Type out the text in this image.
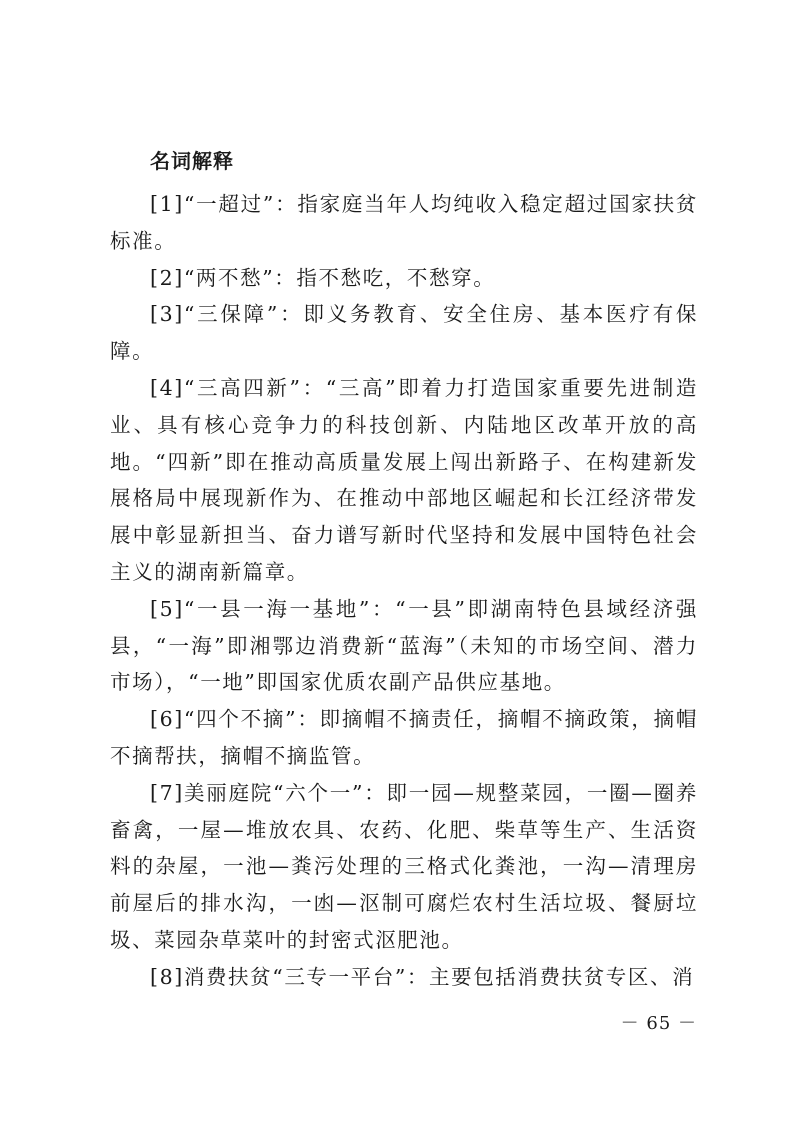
名词解释

[1]“一超过”：指家庭当年人均纯收入稳定超过国家扶贫标准。

[2]“两不愁”：指不愁吃，不愁穿。

[3]“三保障”：即义务教育、安全住房、基本医疗有保障。

[4]“三高四新”：“三高”即着力打造国家重要先进制造业、具有核心竞争力的科技创新、内陆地区改革开放的高地。“四新”即在推动高质量发展上闯出新路子、在构建新发展格局中展现新作为、在推动中部地区崛起和长江经济带发展中彰显新担当、奋力谱写新时代坚持和发展中国特色社会主义的湖南新篇章。

[5]“一县一海一基地”：“一县”即湖南特色县域经济强县，“一海”即湘鄂边消费新“蓝海”（未知的市场空间、潜力市场），“一地”即国家优质农副产品供应基地。

[6]“四个不摘”：即摘帽不摘责任，摘帽不摘政策，摘帽不摘帮扶，摘帽不摘监管。

[7]美丽庭院“六个一”：即一园—规整菜园，一圈—圈养畜禽，一屋—堆放农具、农药、化肥、柴草等生产、生活资料的杂屋，一池—粪污处理的三格式化粪池，一沟—清理房前屋后的排水沟，一凼—沤制可腐烂农村生活垃圾、餐厨垃圾、菜园杂草菜叶的封密式沤肥池。

[8]消费扶贫“三专一平台”：主要包括消费扶贫专区、消

－ 65 －
